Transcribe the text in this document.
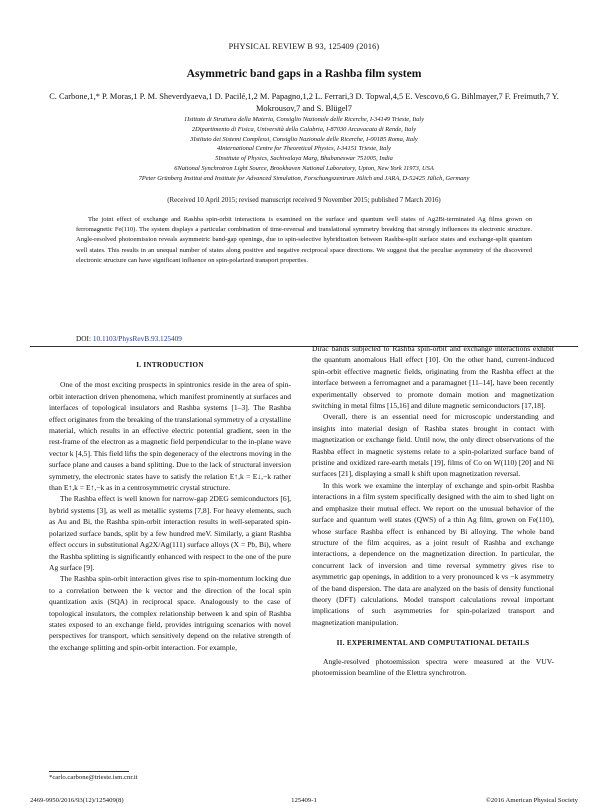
PHYSICAL REVIEW B 93, 125409 (2016)
Asymmetric band gaps in a Rashba film system
C. Carbone,1,* P. Moras,1 P. M. Sheverdyaeva,1 D. Pacilé,1,2 M. Papagno,1,2 L. Ferrari,3 D. Topwal,4,5 E. Vescovo,6 G. Bihlmayer,7 F. Freimuth,7 Y. Mokrousov,7 and S. Blügel7
1Istituto di Struttura della Materia, Consiglio Nazionale delle Ricerche, I-34149 Trieste, Italy
2Dipartimento di Fisica, Università della Calabria, I-87030 Arcavacata di Rende, Italy
3Istituto dei Sistemi Complessi, Consiglio Nazionale delle Ricerche, I-00185 Roma, Italy
4International Centre for Theoretical Physics, I-34151 Trieste, Italy
5Institute of Physics, Sachivalaya Marg, Bhubaneswar 751005, India
6National Synchrotron Light Source, Brookhaven National Laboratory, Upton, New York 11973, USA
7Peter Grünberg Institut and Institute for Advanced Simulation, Forschungszentrum Jülich and JARA, D-52425 Jülich, Germany
(Received 10 April 2015; revised manuscript received 9 November 2015; published 7 March 2016)
The joint effect of exchange and Rashba spin-orbit interactions is examined on the surface and quantum well states of Ag2Bi-terminated Ag films grown on ferromagnetic Fe(110). The system displays a particular combination of time-reversal and translational symmetry breaking that strongly influences its electronic structure. Angle-resolved photoemission reveals asymmetric band-gap openings, due to spin-selective hybridization between Rashba-split surface states and exchange-split quantum well states. This results in an unequal number of states along positive and negative reciprocal space directions. We suggest that the peculiar asymmetry of the discovered electronic structure can have significant influence on spin-polarized transport properties.
DOI: 10.1103/PhysRevB.93.125409
I. INTRODUCTION

One of the most exciting prospects in spintronics reside in the area of spin-orbit interaction driven phenomena, which manifest prominently at surfaces and interfaces of topological insulators and Rashba systems [1–3]. The Rashba effect originates from the breaking of the translational symmetry of a crystalline material, which results in an effective electric potential gradient, seen in the rest-frame of the electron as a magnetic field perpendicular to the in-plane wave vector k [4,5]. This field lifts the spin degeneracy of the electrons moving in the surface plane and causes a band splitting. Due to the lack of structural inversion symmetry, the electronic states have to satisfy the relation E↑,k = E↓,−k rather than E↑,k = E↑,−k as in a centrosymmetric crystal structure.

The Rashba effect is well known for narrow-gap 2DEG semiconductors [6], hybrid systems [3], as well as metallic systems [7,8]. For heavy elements, such as Au and Bi, the Rashba spin-orbit interaction results in well-separated spin-polarized surface bands, split by a few hundred meV. Similarly, a giant Rashba effect occurs in substitutional Ag2X/Ag(111) surface alloys (X = Pb, Bi), where the Rashba splitting is significantly enhanced with respect to the one of the pure Ag surface [9].

The Rashba spin-orbit interaction gives rise to spin-momentum locking due to a correlation between the k vector and the direction of the local spin quantization axis (SQA) in reciprocal space. Analogously to the case of topological insulators, the complex relationship between k and spin of Rashba states exposed to an exchange field, provides intriguing scenarios with novel perspectives for transport, which sensitively depend on the relative strength of the exchange splitting and spin-orbit interaction. For example,

Dirac bands subjected to Rashba spin-orbit and exchange interactions exhibit the quantum anomalous Hall effect [10]. On the other hand, current-induced spin-orbit effective magnetic fields, originating from the Rashba effect at the interface between a ferromagnet and a paramagnet [11–14], have been recently experimentally observed to promote domain motion and magnetization switching in metal films [15,16] and dilute magnetic semiconductors [17,18].

Overall, there is an essential need for microscopic understanding and insights into material design of Rashba states brought in contact with magnetization or exchange field. Until now, the only direct observations of the Rashba effect in magnetic systems relate to a spin-polarized surface band of pristine and oxidized rare-earth metals [19], films of Co on W(110) [20] and Ni surfaces [21], displaying a small k shift upon magnetization reversal.

In this work we examine the interplay of exchange and spin-orbit Rashba interactions in a film system specifically designed with the aim to shed light on and emphasize their mutual effect. We report on the unusual behavior of the surface and quantum well states (QWS) of a thin Ag film, grown on Fe(110), whose surface Rashba effect is enhanced by Bi alloying. The whole band structure of the film acquires, as a joint result of Rashba and exchange interactions, a dependence on the magnetization direction. In particular, the concurrent lack of inversion and time reversal symmetry gives rise to asymmetric gap openings, in addition to a very pronounced k vs −k asymmetry of the band dispersion. The data are analyzed on the basis of density functional theory (DFT) calculations. Model transport calculations reveal important implications of such asymmetries for spin-polarized transport and magnetization manipulation.

II. EXPERIMENTAL AND COMPUTATIONAL DETAILS

Angle-resolved photoemission spectra were measured at the VUV-photoemission beamline of the Elettra synchrotron.

*carlo.carbone@trieste.ism.cnr.it
2469-9950/2016/93(12)/125409(8)	125409-1	©2016 American Physical Society
